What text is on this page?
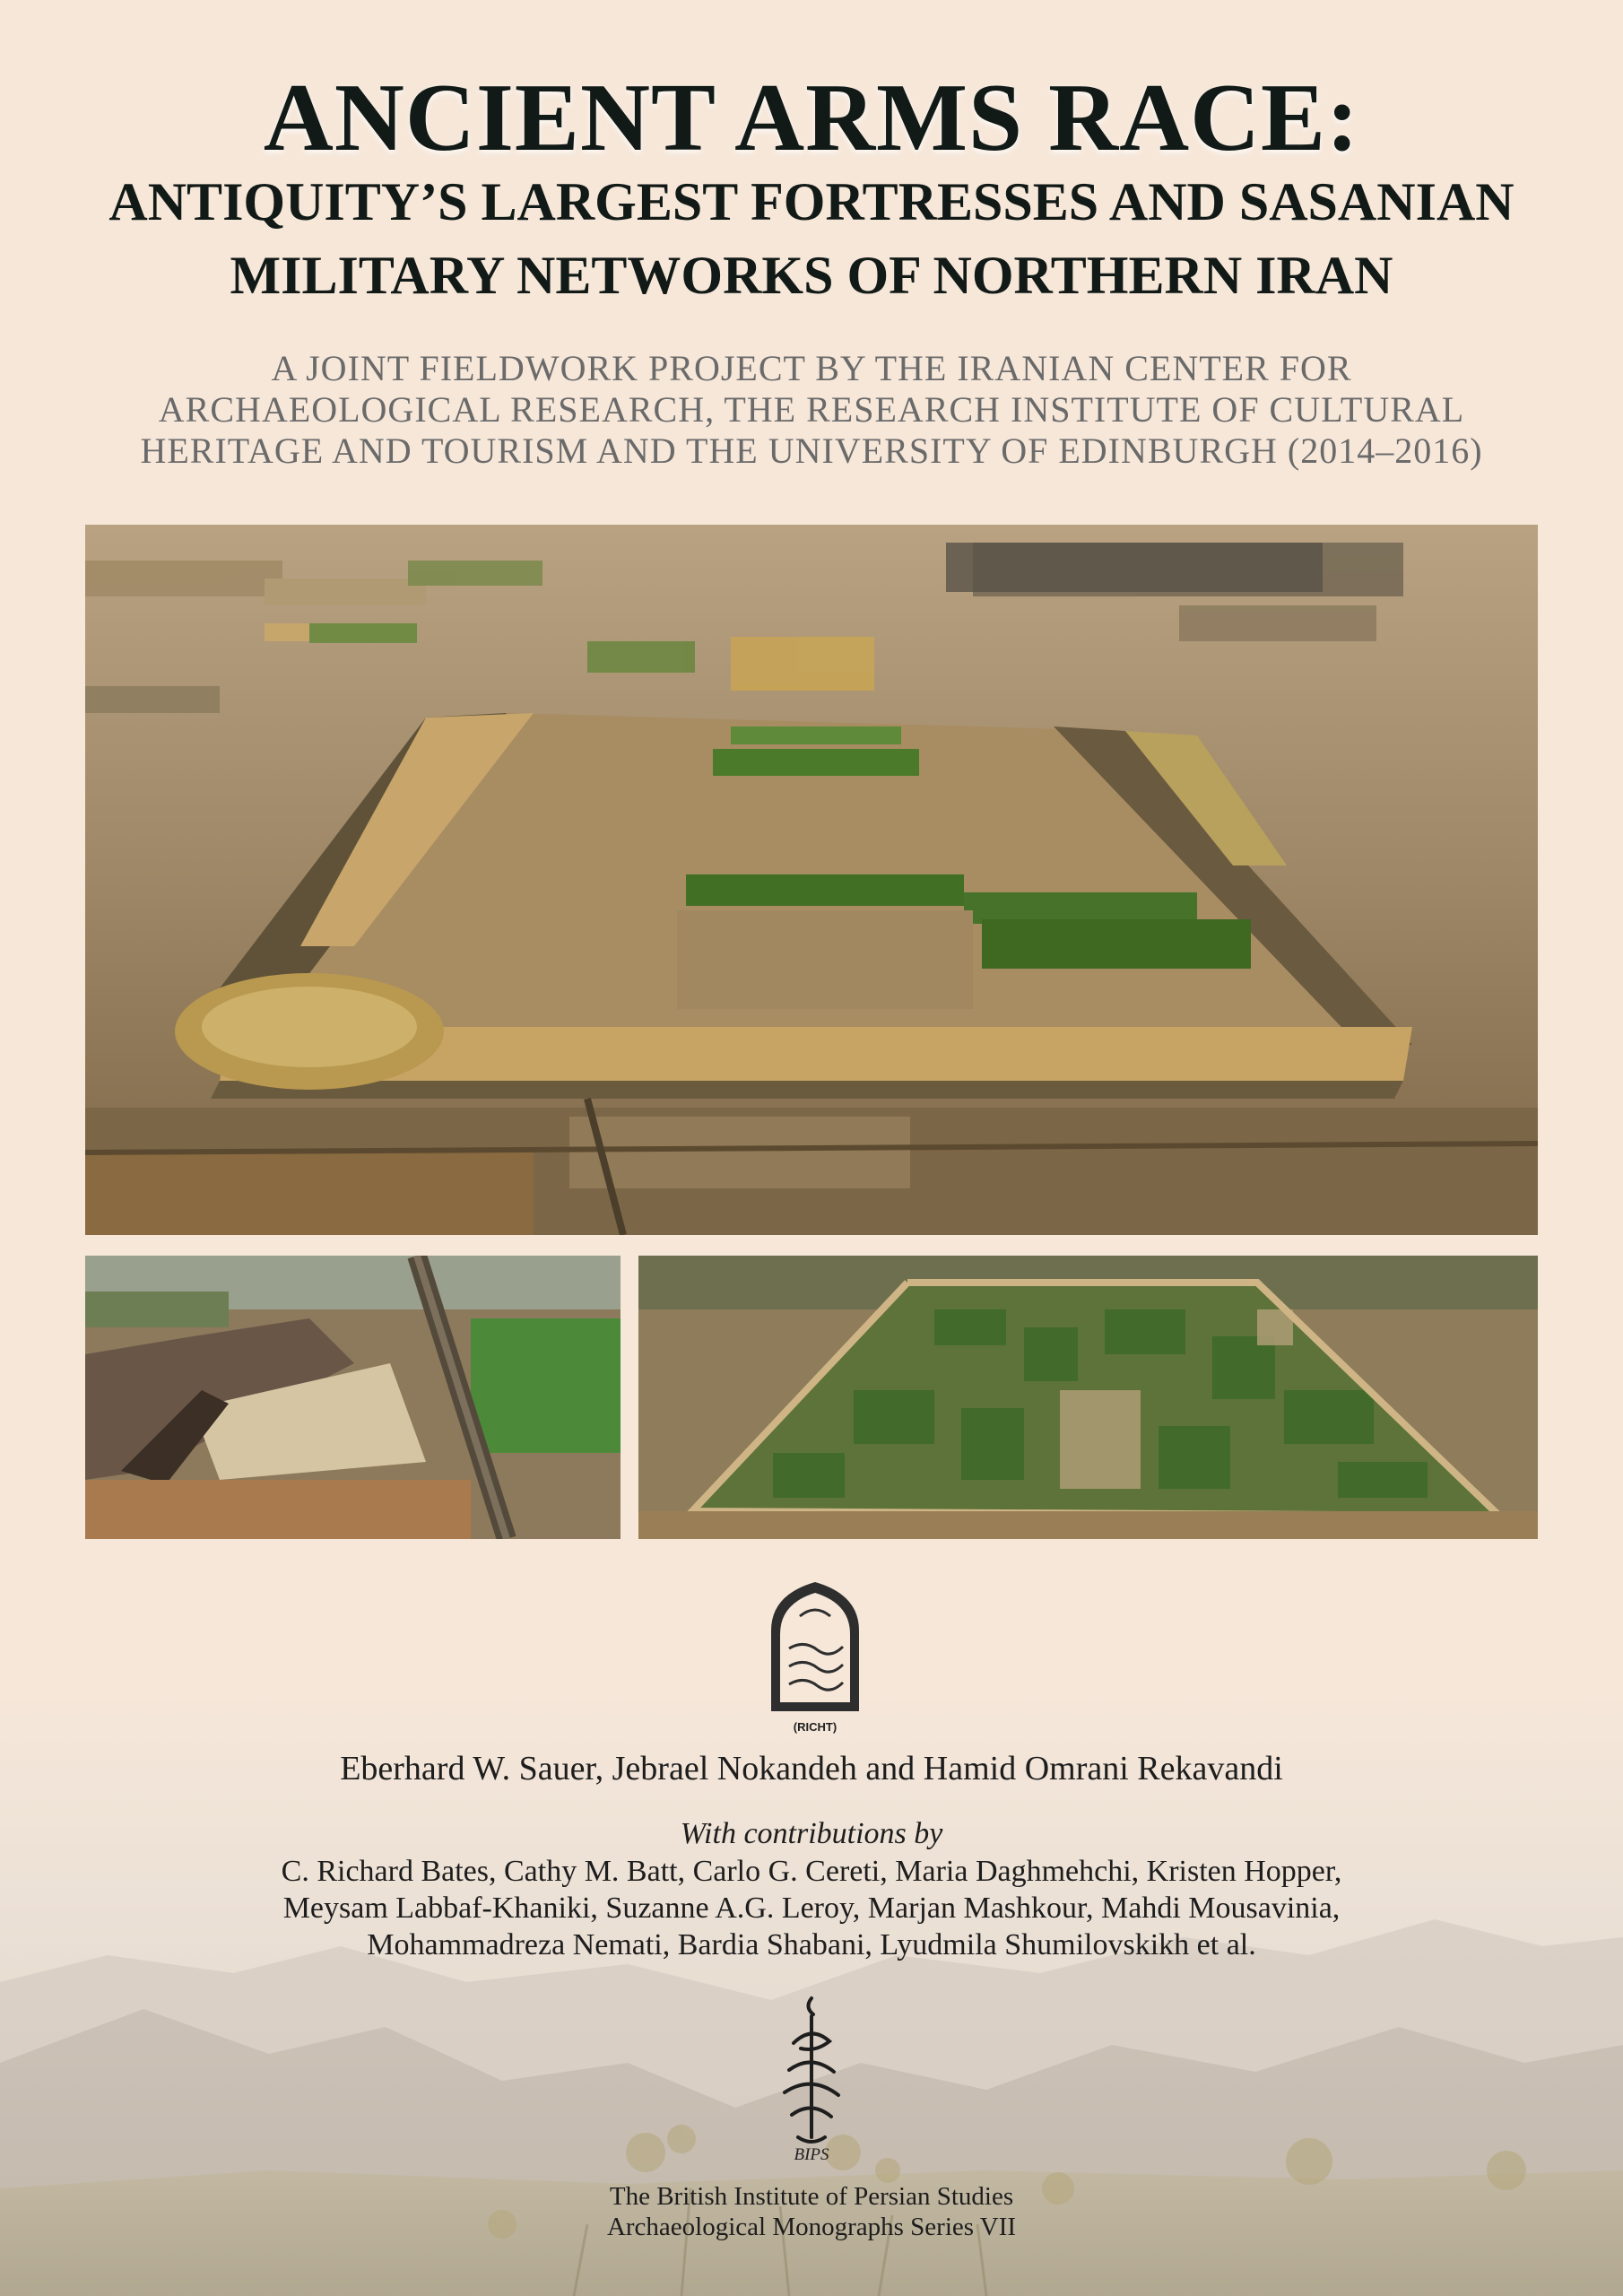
ANCIENT ARMS RACE:
ANTIQUITY’S LARGEST FORTRESSES AND SASANIAN
MILITARY NETWORKS OF NORTHERN IRAN
A JOINT FIELDWORK PROJECT BY THE IRANIAN CENTER FOR
ARCHAEOLOGICAL RESEARCH, THE RESEARCH INSTITUTE OF CULTURAL
HERITAGE AND TOURISM AND THE UNIVERSITY OF EDINBURGH (2014–2016)
(RICHT)
Eberhard W. Sauer, Jebrael Nokandeh and Hamid Omrani Rekavandi
With contributions by
C. Richard Bates, Cathy M. Batt, Carlo G. Cereti, Maria Daghmehchi, Kristen Hopper,
Meysam Labbaf-Khaniki, Suzanne A.G. Leroy, Marjan Mashkour, Mahdi Mousavinia,
Mohammadreza Nemati, Bardia Shabani, Lyudmila Shumilovskikh et al.
BIPS
The British Institute of Persian Studies
Archaeological Monographs Series VII
